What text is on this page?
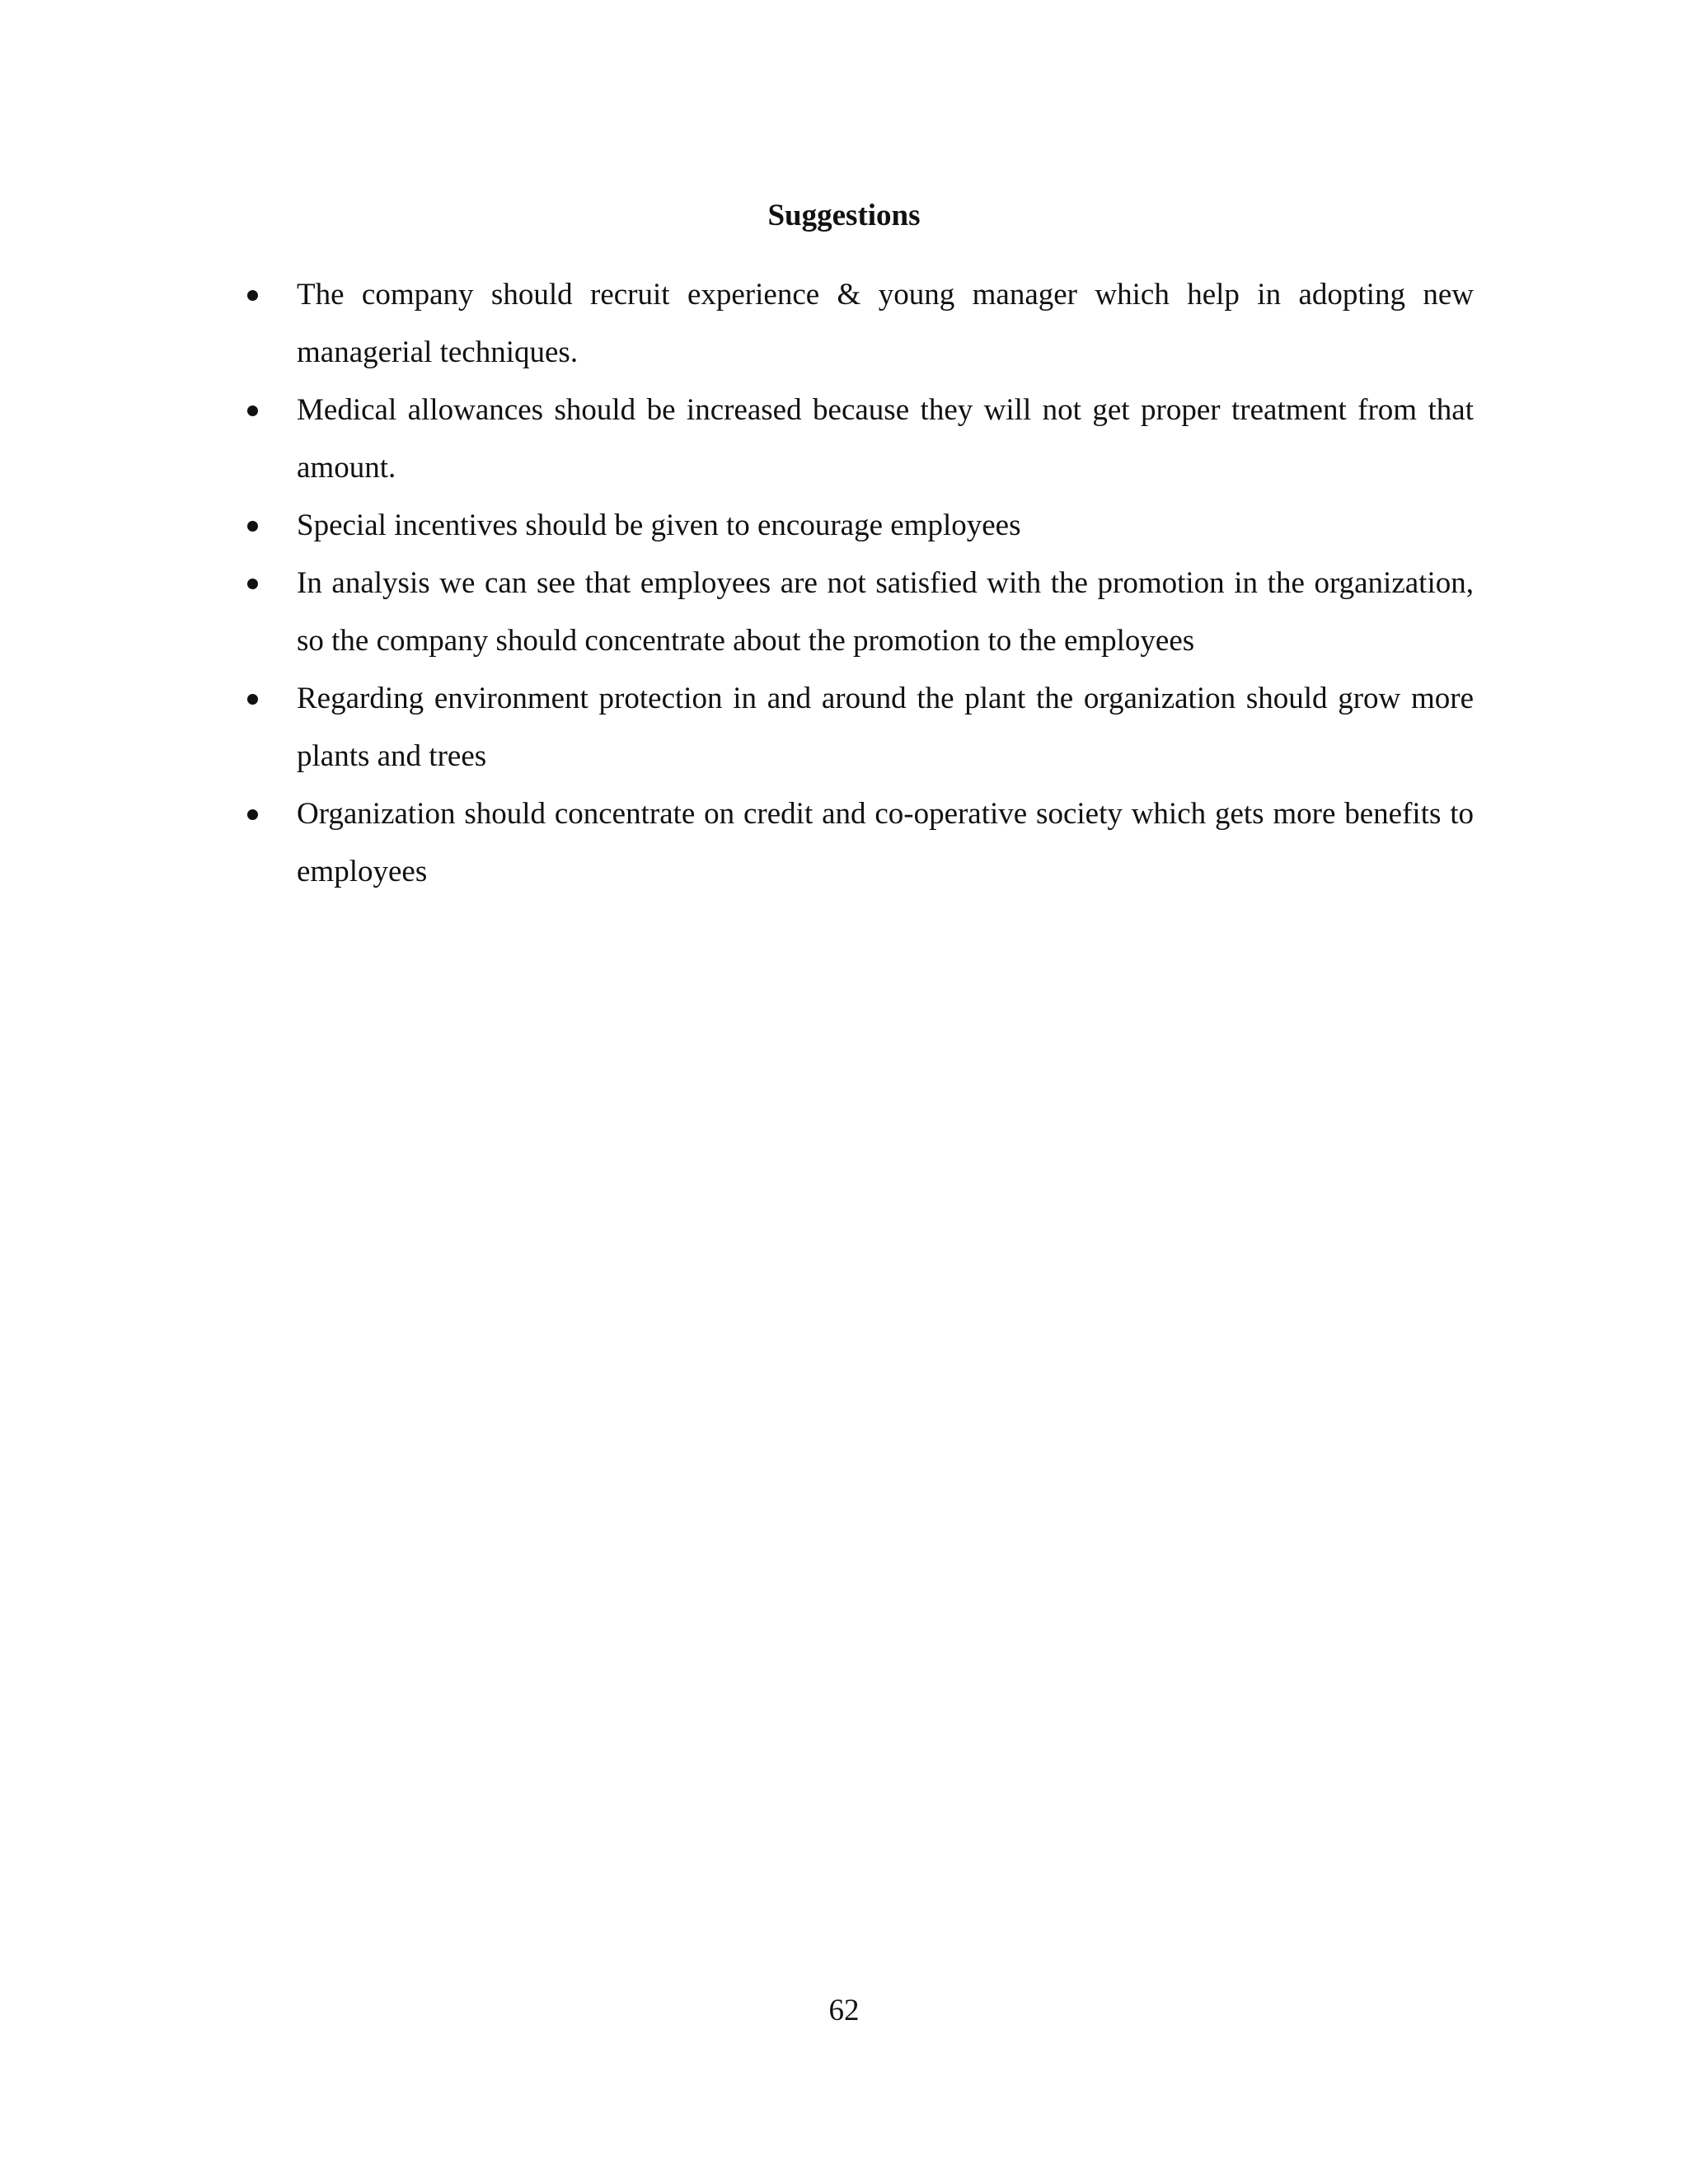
Suggestions
The company should recruit experience & young manager which help in adopting new managerial techniques.
Medical allowances should be increased because they will not get proper treatment from that amount.
Special incentives should be given to encourage employees
In analysis we can see that employees are not satisfied with the promotion in the organization, so the company should concentrate about the promotion to the employees
Regarding environment protection in and around the plant the organization should grow more plants and trees
Organization should concentrate on credit and co-operative society which gets more benefits to employees
62
